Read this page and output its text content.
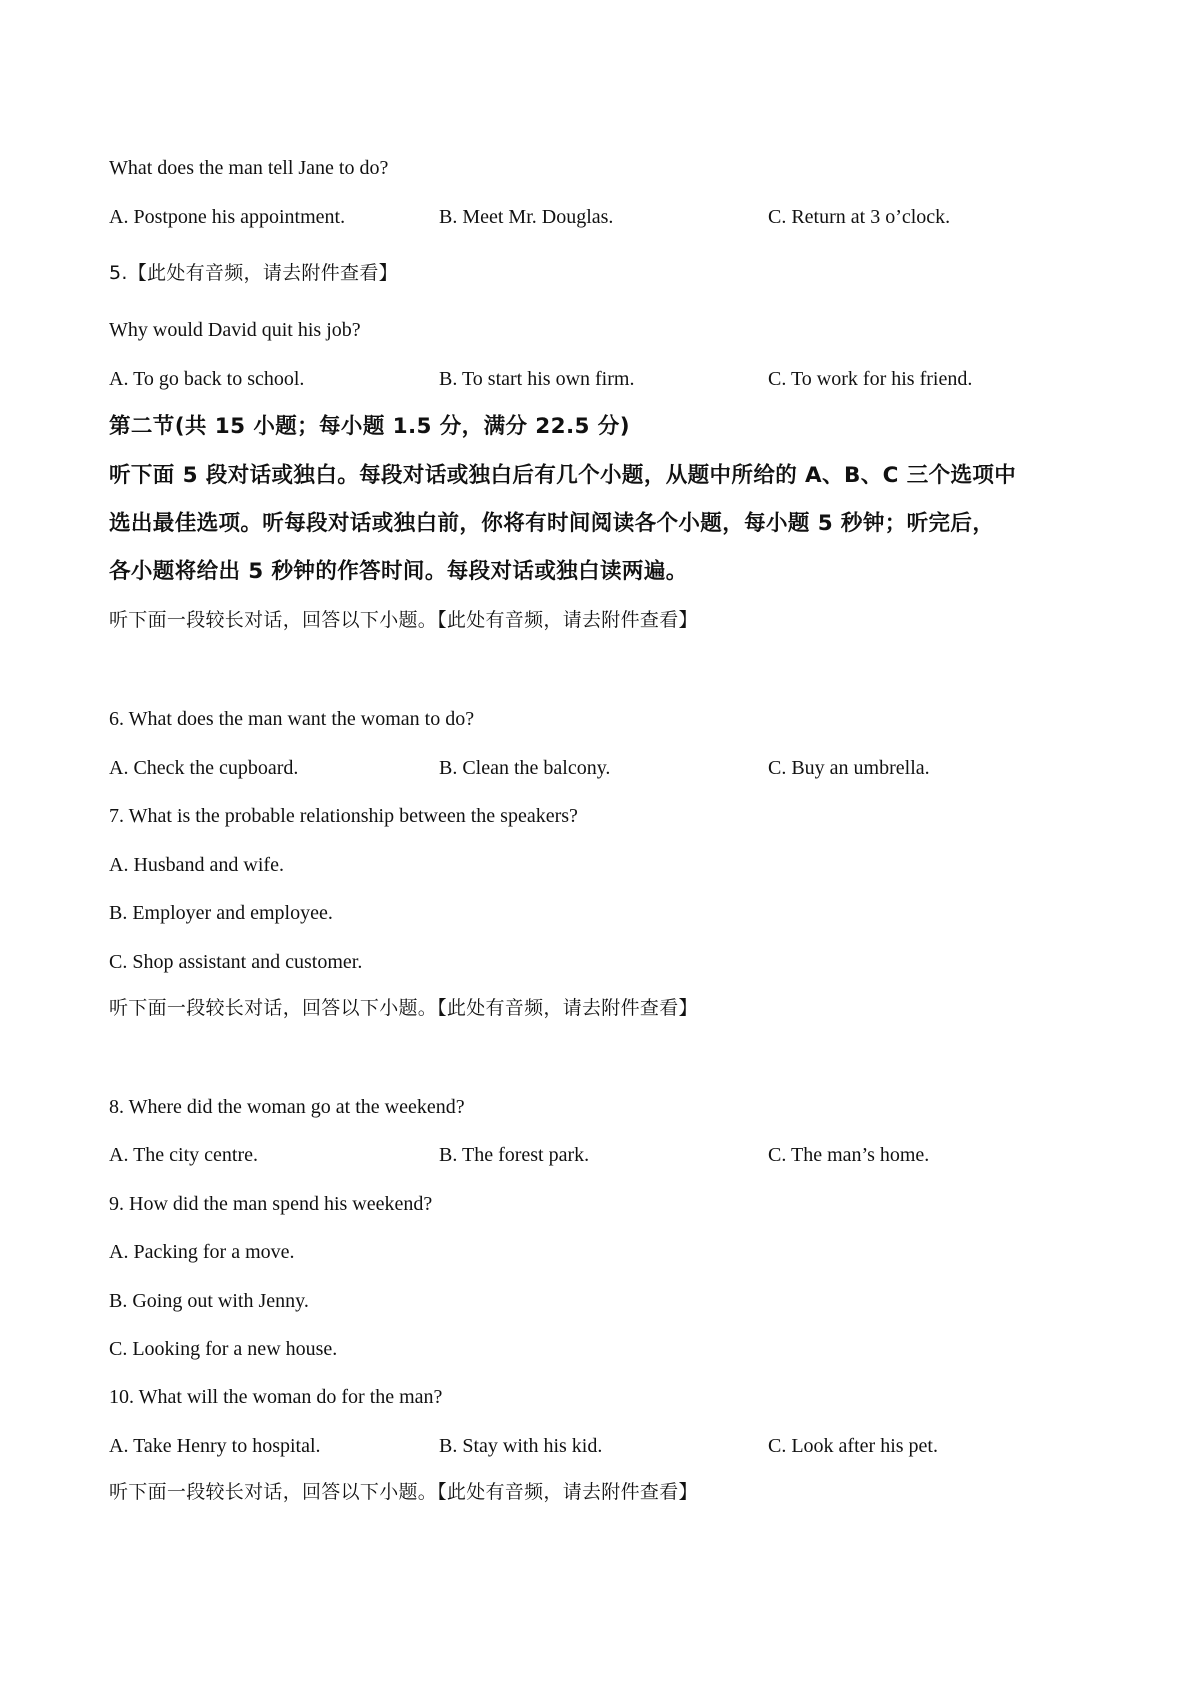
What does the man tell Jane to do?
A. Postpone his appointment.	B. Meet Mr. Douglas.	C. Return at 3 o’clock.
5.【此处有音频，请去附件查看】
Why would David quit his job?
A. To go back to school.	B. To start his own firm.	C. To work for his friend.
第二节(共 15 小题；每小题 1.5 分，满分 22.5 分)
听下面 5 段对话或独白。每段对话或独白后有几个小题，从题中所给的 A、B、C 三个选项中
选出最佳选项。听每段对话或独白前，你将有时间阅读各个小题，每小题 5 秒钟；听完后，
各小题将给出 5 秒钟的作答时间。每段对话或独白读两遍。
听下面一段较长对话，回答以下小题。【此处有音频，请去附件查看】
6. What does the man want the woman to do?
A. Check the cupboard.	B. Clean the balcony.	C. Buy an umbrella.
7. What is the probable relationship between the speakers?
A. Husband and wife.
B. Employer and employee.
C. Shop assistant and customer.
听下面一段较长对话，回答以下小题。【此处有音频，请去附件查看】
8. Where did the woman go at the weekend?
A. The city centre.	B. The forest park.	C. The man’s home.
9. How did the man spend his weekend?
A. Packing for a move.
B. Going out with Jenny.
C. Looking for a new house.
10. What will the woman do for the man?
A. Take Henry to hospital.	B. Stay with his kid.	C. Look after his pet.
听下面一段较长对话，回答以下小题。【此处有音频，请去附件查看】
